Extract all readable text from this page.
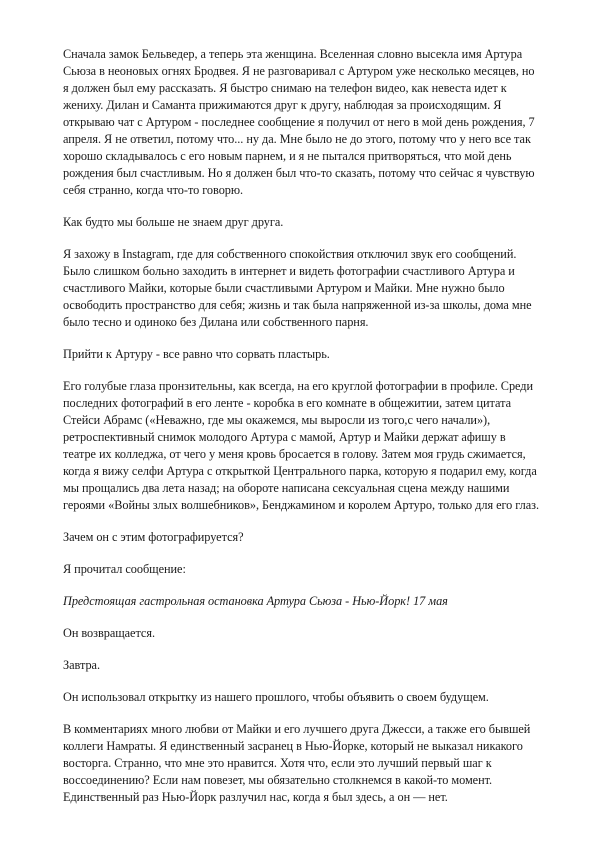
Сначала замок Бельведер, а теперь эта женщина. Вселенная словно высекла имя Артура Сьюза в неоновых огнях Бродвея. Я не разговаривал с Артуром уже несколько месяцев, но я должен был ему рассказать. Я быстро снимаю на телефон видео, как невеста идет к жениху. Дилан и Саманта прижимаются друг к другу, наблюдая за происходящим. Я открываю чат с Артуром - последнее сообщение я получил от него в мой день рождения, 7 апреля. Я не ответил, потому что... ну да. Мне было не до этого, потому что у него все так хорошо складывалось с его новым парнем, и я не пытался притворяться, что мой день рождения был счастливым. Но я должен был что-то сказать, потому что сейчас я чувствую себя странно, когда что-то говорю.

Как будто мы больше не знаем друг друга.

Я захожу в Instagram, где для собственного спокойствия отключил звук его сообщений. Было слишком больно заходить в интернет и видеть фотографии счастливого Артура и счастливого Майки, которые были счастливыми Артуром и Майки. Мне нужно было освободить пространство для себя; жизнь и так была напряженной из-за школы, дома мне было тесно и одиноко без Дилана или собственного парня.

Прийти к Артуру - все равно что сорвать пластырь.

Его голубые глаза пронзительны, как всегда, на его круглой фотографии в профиле. Среди последних фотографий в его ленте - коробка в его комнате в общежитии, затем цитата Стейси Абрамс («Неважно, где мы окажемся, мы выросли из того,с чего начали»), ретроспективный снимок молодого Артура с мамой, Артур и Майки держат афишу в театре их колледжа, от чего у меня кровь бросается в голову. Затем моя грудь сжимается, когда я вижу селфи Артура с открыткой Центрального парка, которую я подарил ему, когда мы прощались два лета назад; на обороте написана сексуальная сцена между нашими героями «Войны злых волшебников», Бенджамином и королем Артуро, только для его глаз.

Зачем он с этим фотографируется?

Я прочитал сообщение:

Предстоящая гастрольная остановка Артура Сьюза - Нью-Йорк! 17 мая

Он возвращается.

Завтра.

Он использовал открытку из нашего прошлого, чтобы объявить о своем будущем.

В комментариях много любви от Майки и его лучшего друга Джесси, а также его бывшей коллеги Намраты. Я единственный засранец в Нью-Йорке, который не выказал никакого восторга. Странно, что мне это нравится. Хотя что, если это лучший первый шаг к воссоединению? Если нам повезет, мы обязательно столкнемся в какой-то момент. Единственный раз Нью-Йорк разлучил нас, когда я был здесь, а он — нет.
